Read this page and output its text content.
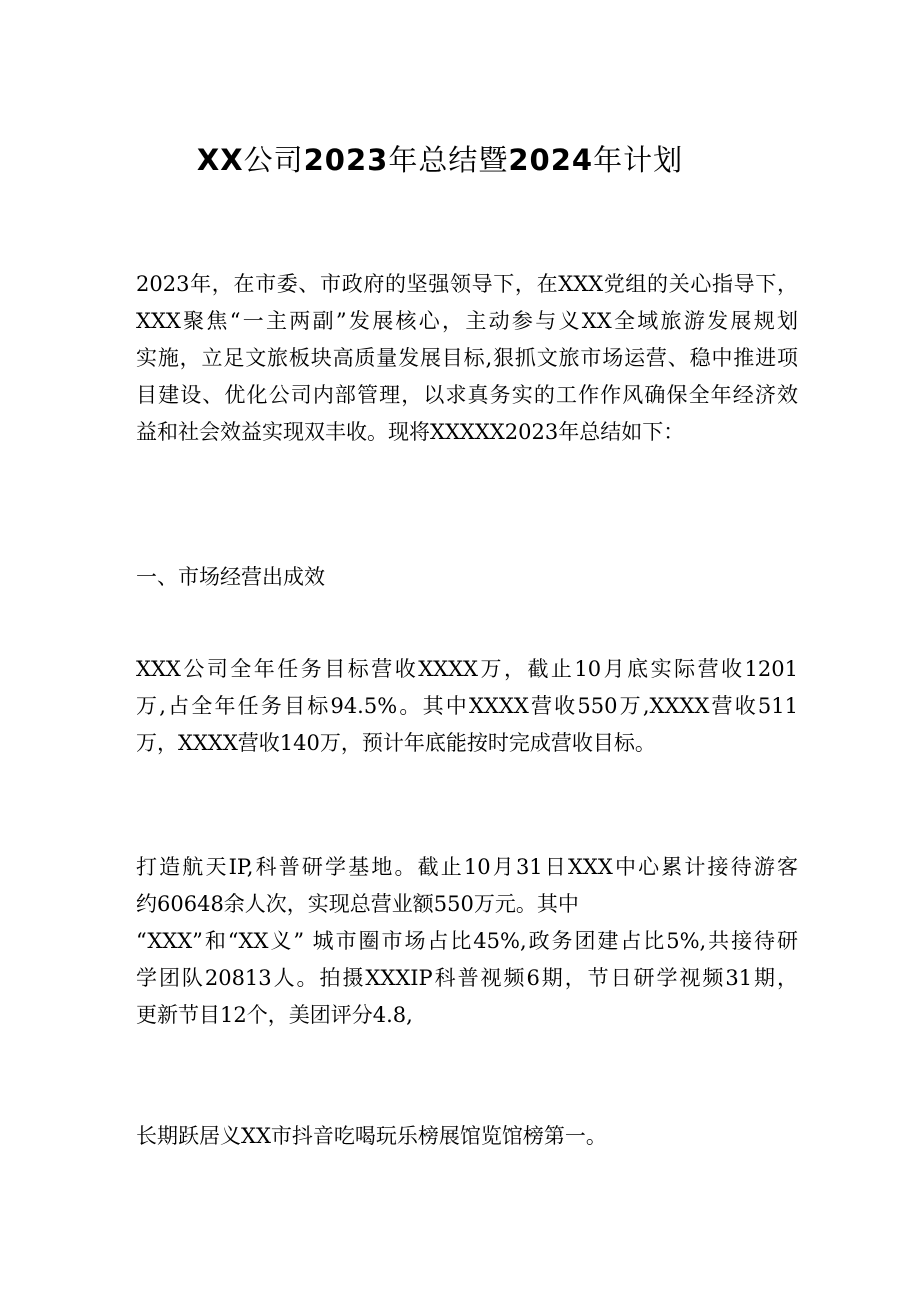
XX公司2023年总结暨2024年计划
2023年，在市委、市政府的坚强领导下，在XXX党组的关心指导下，
XXX聚焦“一主两副”发展核心，主动参与义XX全域旅游发展规划
实施，立足文旅板块高质量发展目标,狠抓文旅市场运营、稳中推进项
目建设、优化公司内部管理，以求真务实的工作作风确保全年经济效
益和社会效益实现双丰收。现将XXXXX2023年总结如下：
一、市场经营出成效
XXX公司全年任务目标营收XXXX万，截止10月底实际营收1201
万,占全年任务目标94.5%。其中XXXX营收550万,XXXX营收511
万，XXXX营收140万，预计年底能按时完成营收目标。
打造航天IP,科普研学基地。截止10月31日XXX中心累计接待游客
约60648余人次，实现总营业额550万元。其中
“XXX”和“XX义” 城市圈市场占比45%,政务团建占比5%,共接待研
学团队20813人。拍摄XXXIP科普视频6期，节日研学视频31期，
更新节目12个，美团评分4.8,
长期跃居义XX市抖音吃喝玩乐榜展馆览馆榜第一。
